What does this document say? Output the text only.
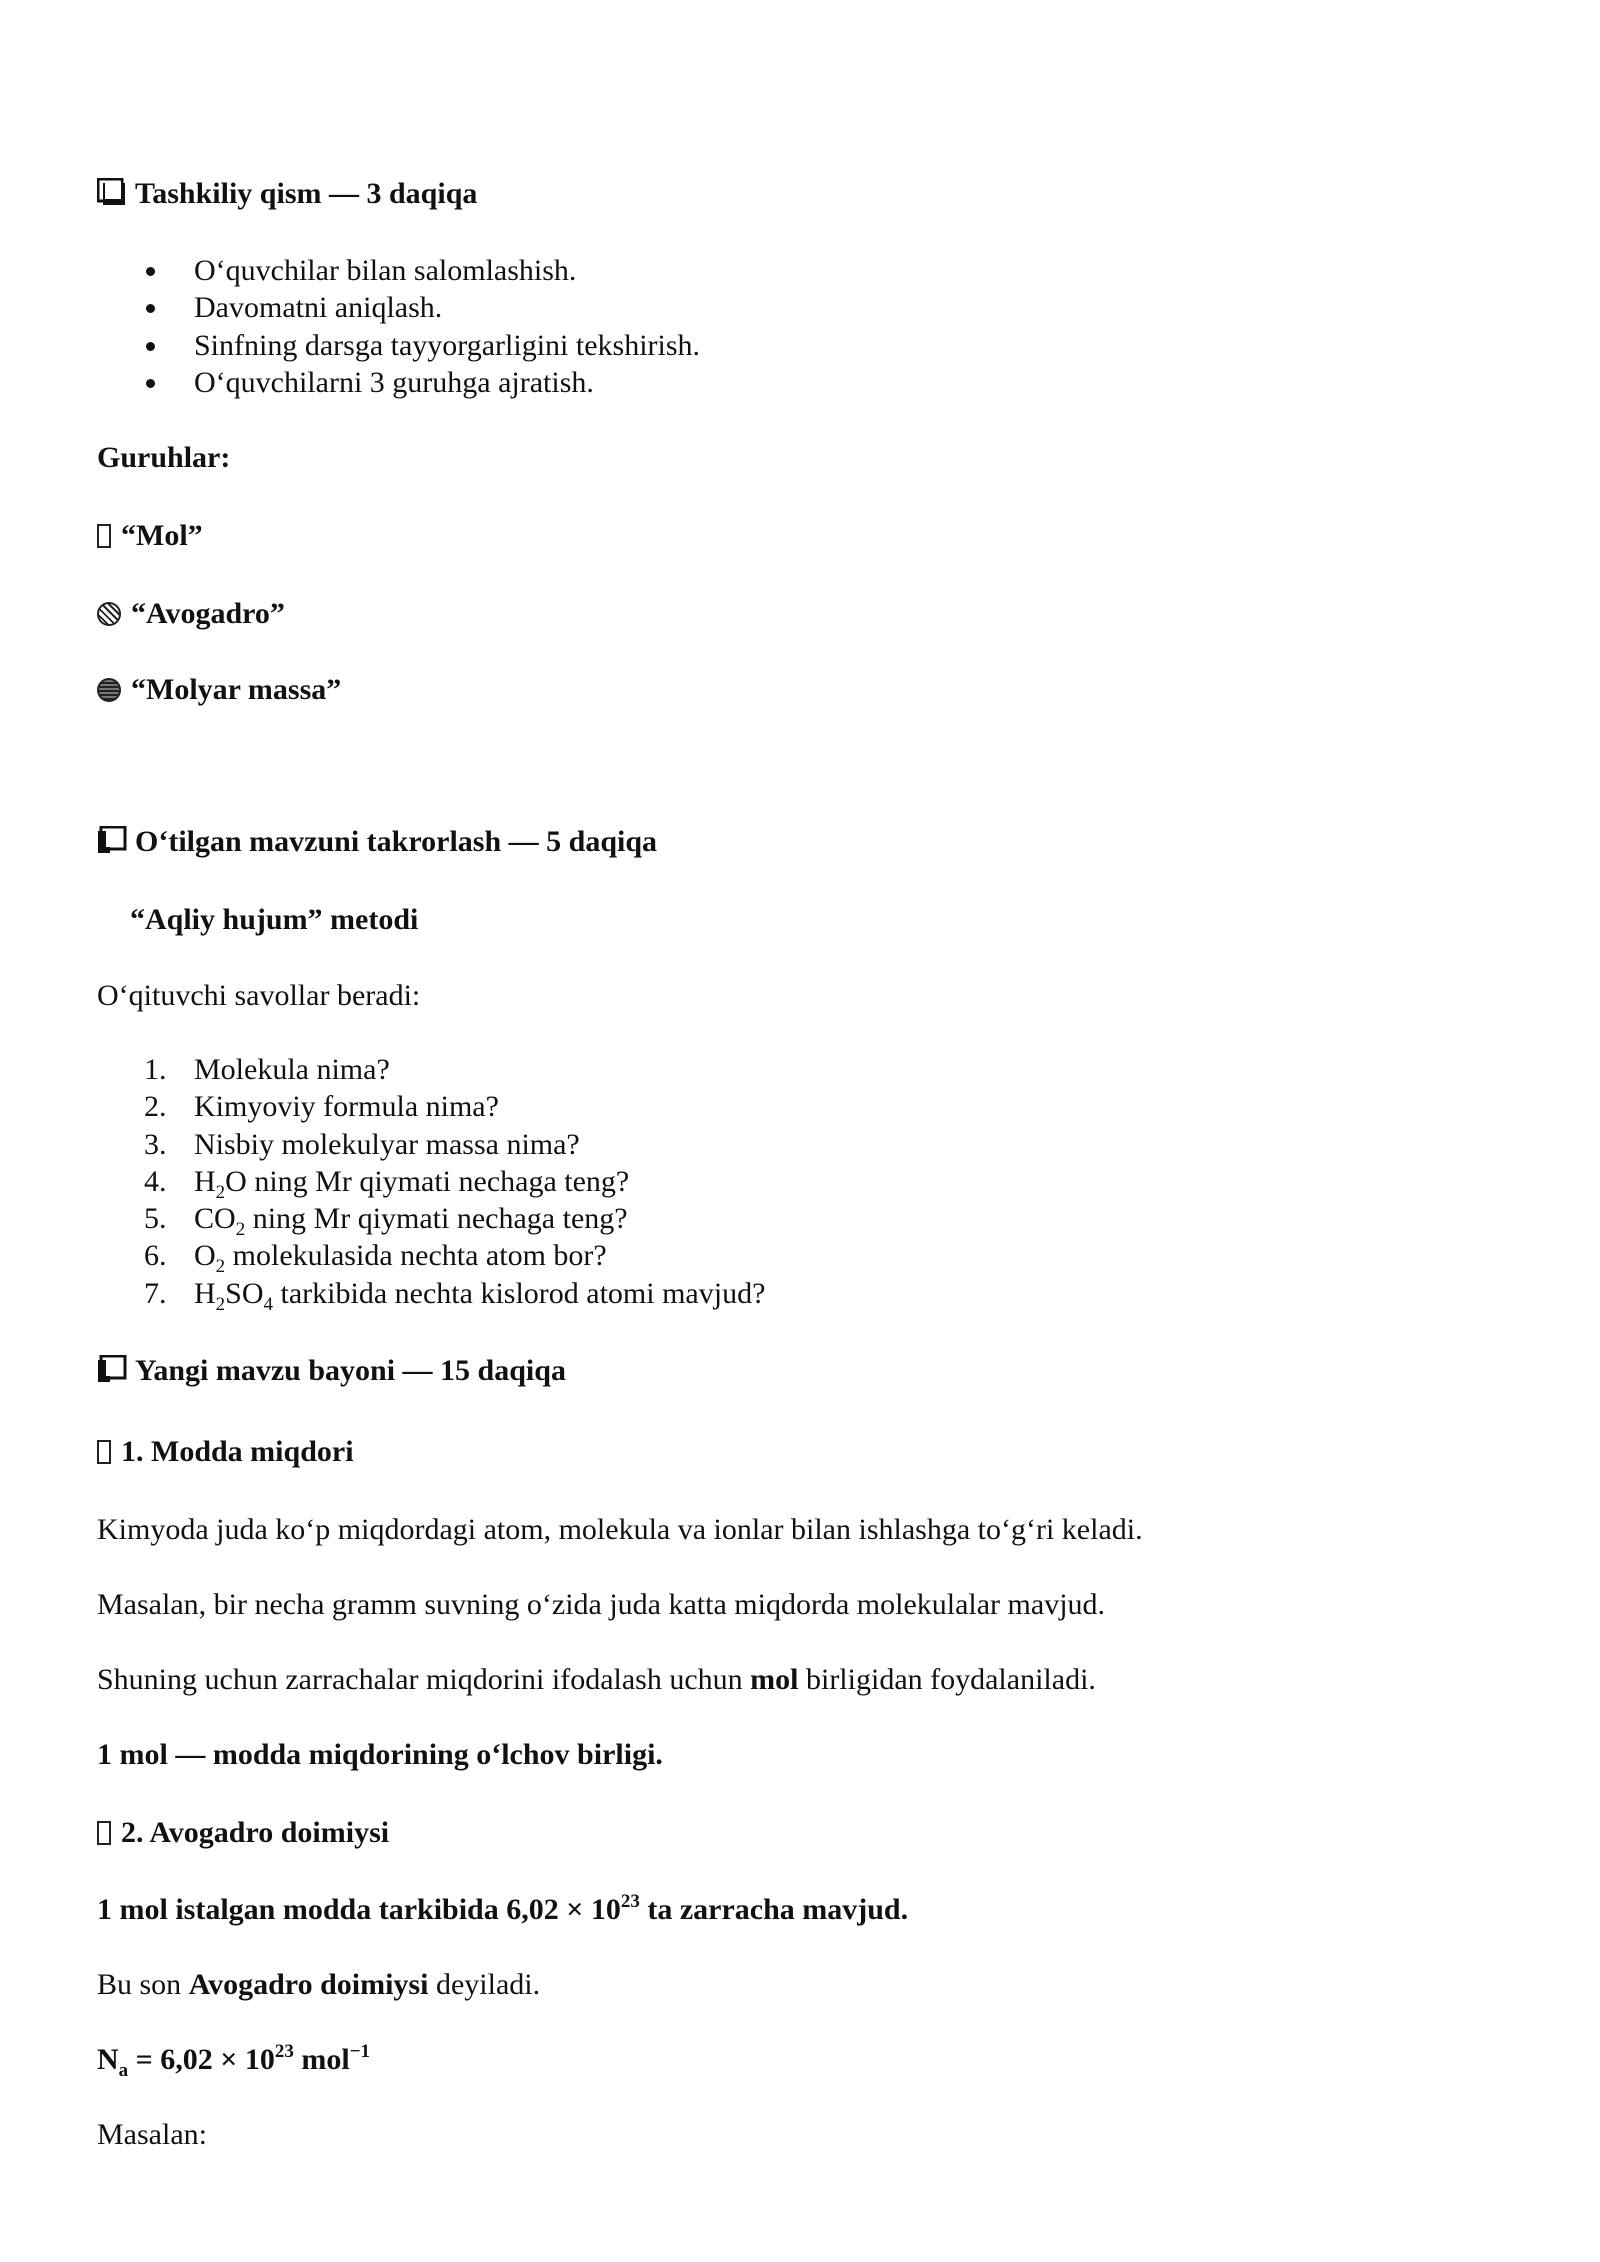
Tashkiliy qism — 3 daqiqa
O‘quvchilar bilan salomlashish.
Davomatni aniqlash.
Sinfning darsga tayyorgarligini tekshirish.
O‘quvchilarni 3 guruhga ajratish.
Guruhlar:
“Mol”
“Avogadro”
“Molyar massa”
O‘tilgan mavzuni takrorlash — 5 daqiqa
“Aqliy hujum” metodi
O‘qituvchi savollar beradi:
1. Molekula nima?
2. Kimyoviy formula nima?
3. Nisbiy molekulyar massa nima?
4. $H_2O$ ning Mr qiymati nechaga teng?
5. $CO_2$ ning Mr qiymati nechaga teng?
6. $O_2$ molekulasida nechta atom bor?
7. $H_2SO_4$ tarkibida nechta kislorod atomi mavjud?
Yangi mavzu bayoni — 15 daqiqa
1. Modda miqdori
Kimyoda juda ko‘p miqdordagi atom, molekula va ionlar bilan ishlashga to‘g‘ri keladi.
Masalan, bir necha gramm suvning o‘zida juda katta miqdorda molekulalar mavjud.
Shuning uchun zarrachalar miqdorini ifodalash uchun mol birligidan foydalaniladi.
1 mol — modda miqdorining o‘lchov birligi.
2. Avogadro doimiysi
1 mol istalgan modda tarkibida $6,02 \times 10^{23}$ ta zarracha mavjud.
Bu son Avogadro doimiysi deyiladi.
$N_a = 6,02 \times 10^{23}$ mol$^{-1}$
Masalan:
